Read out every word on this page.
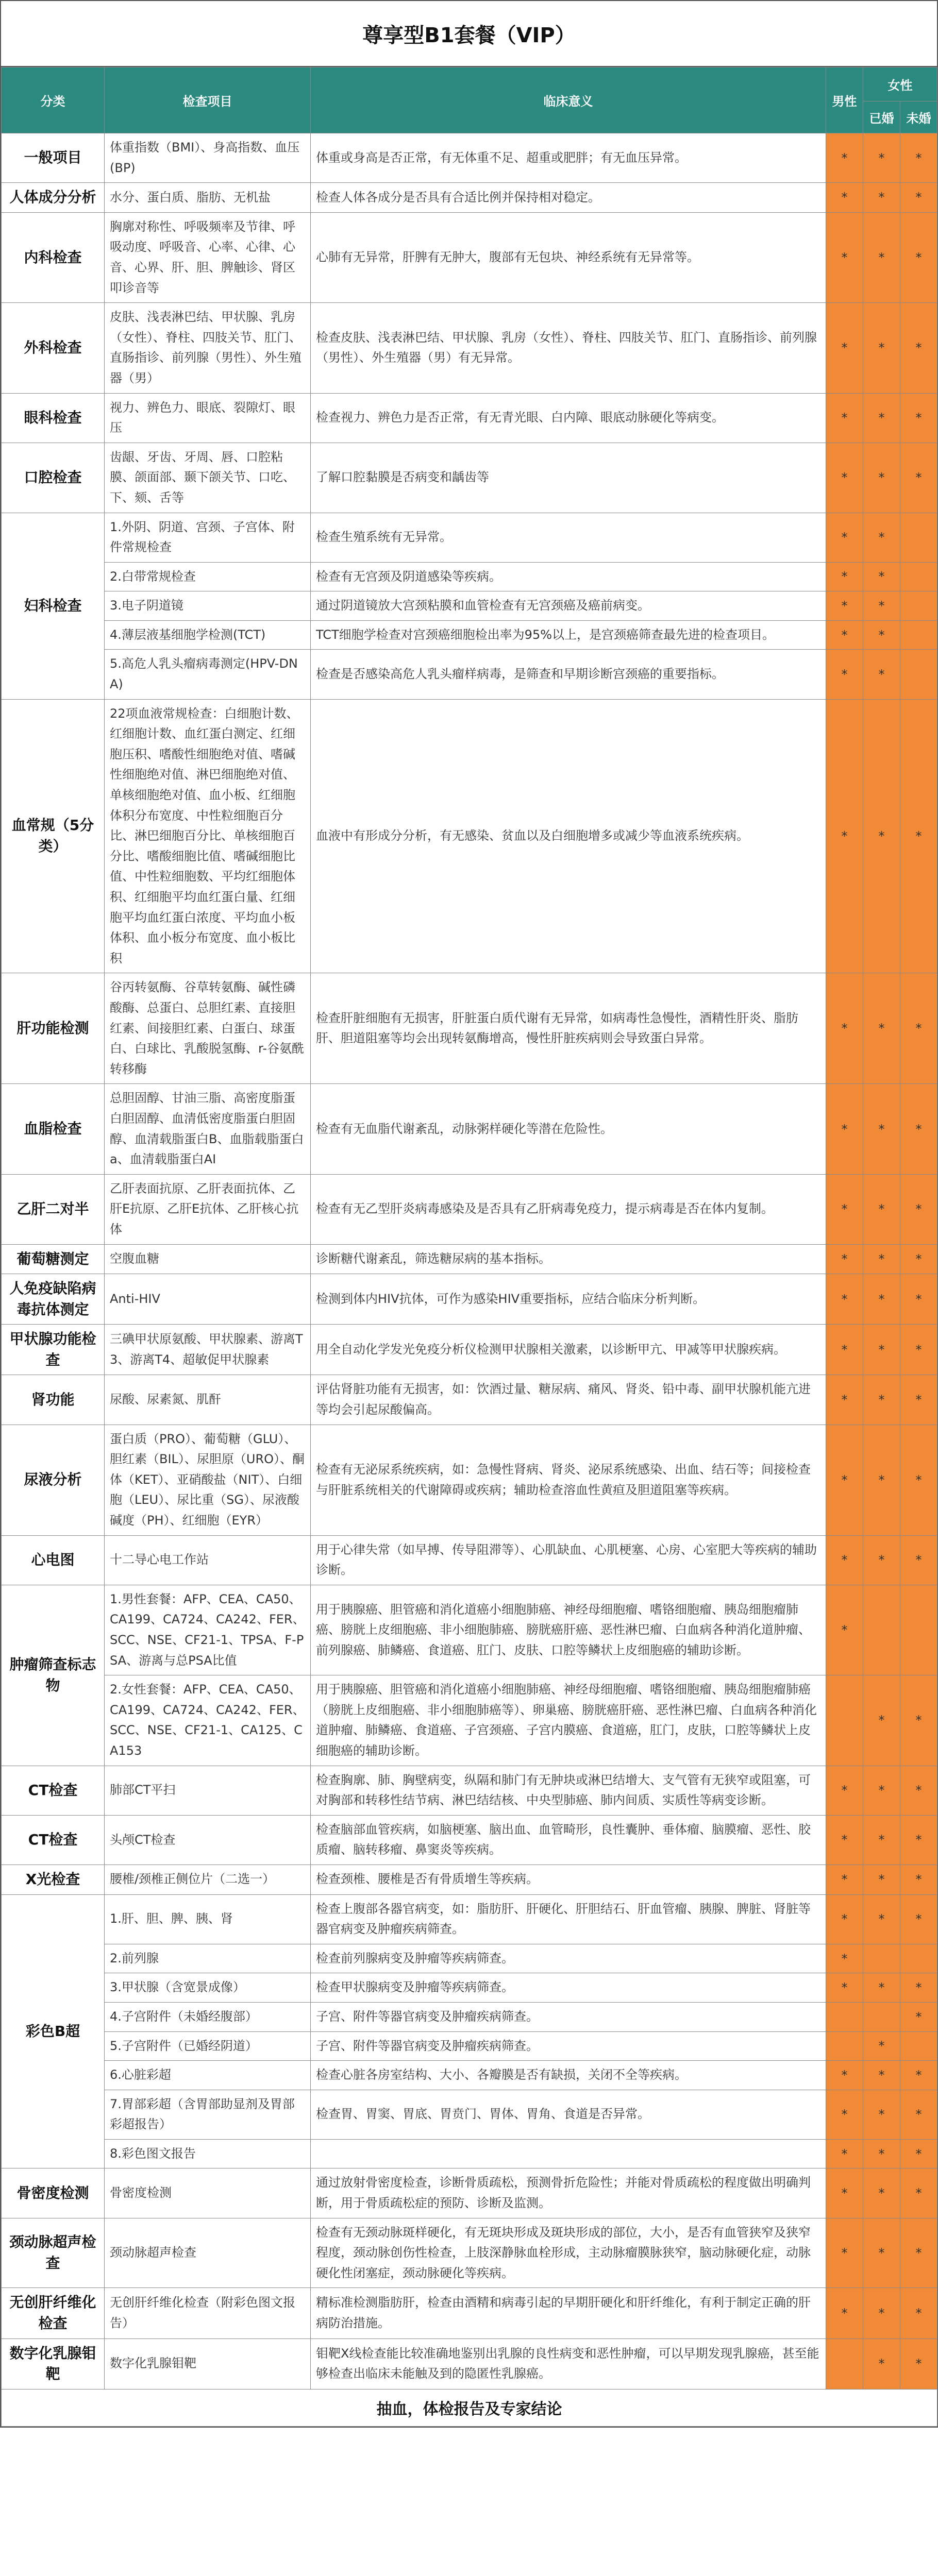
尊享型B1套餐（VIP）
分类	检查项目	临床意义	男性	女性	
				已婚	未婚
一般项目	体重指数（BMI）、身高指数、血压(BP)	体重或身高是否正常，有无体重不足、超重或肥胖；有无血压异常。	*	*	*
人体成分分析	水分、蛋白质、脂肪、无机盐	检查人体各成分是否具有合适比例并保持相对稳定。	*	*	*
内科检查	胸廓对称性、呼吸频率及节律、呼吸动度、呼吸音、心率、心律、心音、心界、肝、胆、脾触诊、肾区叩诊音等	心肺有无异常，肝脾有无肿大，腹部有无包块、神经系统有无异常等。	*	*	*
外科检查	皮肤、浅表淋巴结、甲状腺、乳房（女性）、脊柱、四肢关节、肛门、直肠指诊、前列腺（男性）、外生殖器（男）	检查皮肤、浅表淋巴结、甲状腺、乳房（女性）、脊柱、四肢关节、肛门、直肠指诊、前列腺（男性）、外生殖器（男）有无异常。	*	*	*
眼科检查	视力、辨色力、眼底、裂隙灯、眼压	检查视力、辨色力是否正常，有无青光眼、白内障、眼底动脉硬化等病变。	*	*	*
口腔检查	齿龈、牙齿、牙周、唇、口腔粘膜、颌面部、颞下颌关节、口吃、下、颏、舌等	了解口腔黏膜是否病变和龋齿等	*	*	*
妇科检查	1.外阴、阴道、宫颈、子宫体、附件常规检查	检查生殖系统有无异常。	*	*	
	2.白带常规检查	检查有无宫颈及阴道感染等疾病。	*	*	
	3.电子阴道镜	通过阴道镜放大宫颈粘膜和血管检查有无宫颈癌及癌前病变。	*	*	
	4.薄层液基细胞学检测(TCT)	TCT细胞学检查对宫颈癌细胞检出率为95%以上，是宫颈癌筛查最先进的检查项目。	*	*	
	5.高危人乳头瘤病毒测定(HPV-DNA)	检查是否感染高危人乳头瘤样病毒，是筛查和早期诊断宫颈癌的重要指标。	*	*	
血常规（5分类）	22项血液常规检查：白细胞计数、红细胞计数、血红蛋白测定、红细胞压积、嗜酸性细胞绝对值、嗜碱性细胞绝对值、淋巴细胞绝对值、单核细胞绝对值、血小板、红细胞体积分布宽度、中性粒细胞百分比、淋巴细胞百分比、单核细胞百分比、嗜酸细胞比值、嗜碱细胞比值、中性粒细胞数、平均红细胞体积、红细胞平均血红蛋白量、红细胞平均血红蛋白浓度、平均血小板体积、血小板分布宽度、血小板比积	血液中有形成分分析，有无感染、贫血以及白细胞增多或减少等血液系统疾病。	*	*	*
肝功能检测	谷丙转氨酶、谷草转氨酶、碱性磷酸酶、总蛋白、总胆红素、直接胆红素、间接胆红素、白蛋白、球蛋白、白球比、乳酸脱氢酶、r-谷氨酰转移酶	检查肝脏细胞有无损害，肝脏蛋白质代谢有无异常，如病毒性急慢性，酒精性肝炎、脂肪肝、胆道阻塞等均会出现转氨酶增高，慢性肝脏疾病则会导致蛋白异常。	*	*	*
血脂检查	总胆固醇、甘油三脂、高密度脂蛋白胆固醇、血清低密度脂蛋白胆固醇、血清载脂蛋白B、血脂载脂蛋白a、血清载脂蛋白AI	检查有无血脂代谢紊乱，动脉粥样硬化等潜在危险性。	*	*	*
乙肝二对半	乙肝表面抗原、乙肝表面抗体、乙肝E抗原、乙肝E抗体、乙肝核心抗体	检查有无乙型肝炎病毒感染及是否具有乙肝病毒免疫力，提示病毒是否在体内复制。	*	*	*
葡萄糖测定	空腹血糖	诊断糖代谢紊乱，筛选糖尿病的基本指标。	*	*	*
人免疫缺陷病毒抗体测定	Anti-HIV	检测到体内HIV抗体，可作为感染HIV重要指标，应结合临床分析判断。	*	*	*
甲状腺功能检查	三碘甲状原氨酸、甲状腺素、游离T3、游离T4、超敏促甲状腺素	用全自动化学发光免疫分析仪检测甲状腺相关激素，以诊断甲亢、甲减等甲状腺疾病。	*	*	*
肾功能	尿酸、尿素氮、肌酐	评估肾脏功能有无损害，如：饮酒过量、糖尿病、痛风、肾炎、铅中毒、副甲状腺机能亢进等均会引起尿酸偏高。	*	*	*
尿液分析	蛋白质（PRO）、葡萄糖（GLU）、胆红素（BIL）、尿胆原（URO）、酮体（KET）、亚硝酸盐（NIT）、白细胞（LEU）、尿比重（SG）、尿液酸碱度（PH）、红细胞（EYR）	检查有无泌尿系统疾病，如：急慢性肾病、肾炎、泌尿系统感染、出血、结石等；间接检查与肝脏系统相关的代谢障碍或疾病；辅助检查溶血性黄疸及胆道阻塞等疾病。	*	*	*
心电图	十二导心电工作站	用于心律失常（如早搏、传导阻滞等）、心肌缺血、心肌梗塞、心房、心室肥大等疾病的辅助诊断。	*	*	*
肿瘤筛查标志物	1.男性套餐：AFP、CEA、CA50、CA199、CA724、CA242、FER、SCC、NSE、CF21-1、TPSA、F-PSA、游离与总PSA比值	用于胰腺癌、胆管癌和消化道癌小细胞肺癌、神经母细胞瘤、嗜铬细胞瘤、胰岛细胞瘤肺癌、膀胱上皮细胞癌、非小细胞肺癌、膀胱癌肝癌、恶性淋巴瘤、白血病各种消化道肿瘤、前列腺癌、肺鳞癌、食道癌、肛门、皮肤、口腔等鳞状上皮细胞癌的辅助诊断。	*		
	2.女性套餐：AFP、CEA、CA50、CA199、CA724、CA242、FER、SCC、NSE、CF21-1、CA125、CA153	用于胰腺癌、胆管癌和消化道癌小细胞肺癌、神经母细胞瘤、嗜铬细胞瘤、胰岛细胞瘤肺癌（膀胱上皮细胞癌、非小细胞肺癌等）、卵巢癌、膀胱癌肝癌、恶性淋巴瘤、白血病各种消化道肿瘤、肺鳞癌、食道癌、子宫颈癌、子宫内膜癌、食道癌，肛门，皮肤，口腔等鳞状上皮细胞癌的辅助诊断。		*	*
CT检查	肺部CT平扫	检查胸廓、肺、胸壁病变，纵隔和肺门有无肿块或淋巴结增大、支气管有无狭窄或阻塞，可对胸部和转移性结节病、淋巴结结核、中央型肺癌、肺内间质、实质性等病变诊断。	*	*	*
CT检查	头颅CT检查	检查脑部血管疾病，如脑梗塞、脑出血、血管畸形，良性囊肿、垂体瘤、脑膜瘤、恶性、胶质瘤、脑转移瘤、鼻窦炎等疾病。	*	*	*
X光检查	腰椎/颈椎正侧位片（二选一）	检查颈椎、腰椎是否有骨质增生等疾病。	*	*	*
彩色B超	1.肝、胆、脾、胰、肾	检查上腹部各器官病变，如：脂肪肝、肝硬化、肝胆结石、肝血管瘤、胰腺、脾脏、肾脏等器官病变及肿瘤疾病筛查。	*	*	*
	2.前列腺	检查前列腺病变及肿瘤等疾病筛查。	*		
	3.甲状腺（含宽景成像）	检查甲状腺病变及肿瘤等疾病筛查。	*	*	*
	4.子宫附件（未婚经腹部）	子宫、附件等器官病变及肿瘤疾病筛查。			*
	5.子宫附件（已婚经阴道）	子宫、附件等器官病变及肿瘤疾病筛查。		*	
	6.心脏彩超	检查心脏各房室结构、大小、各瓣膜是否有缺损，关闭不全等疾病。	*	*	*
	7.胃部彩超（含胃部助显剂及胃部彩超报告）	检查胃、胃窦、胃底、胃贲门、胃体、胃角、食道是否异常。	*	*	*
	8.彩色图文报告		*	*	*
骨密度检测	骨密度检测	通过放射骨密度检查，诊断骨质疏松，预测骨折危险性；并能对骨质疏松的程度做出明确判断，用于骨质疏松症的预防、诊断及监测。	*	*	*
颈动脉超声检查	颈动脉超声检查	检查有无颈动脉斑样硬化，有无斑块形成及斑块形成的部位，大小，是否有血管狭窄及狭窄程度，颈动脉创伤性检查，上肢深静脉血栓形成，主动脉瘤膜脉狭窄，脑动脉硬化症，动脉硬化性闭塞症，颈动脉硬化等疾病。	*	*	*
无创肝纤维化检查	无创肝纤维化检查（附彩色图文报告）	精标准检测脂肪肝，检查由酒精和病毒引起的早期肝硬化和肝纤维化，有利于制定正确的肝病防治措施。	*	*	*
数字化乳腺钼靶	数字化乳腺钼靶	钼靶X线检查能比较准确地鉴别出乳腺的良性病变和恶性肿瘤，可以早期发现乳腺癌，甚至能够检查出临床未能触及到的隐匿性乳腺癌。		*	*
抽血，体检报告及专家结论					
